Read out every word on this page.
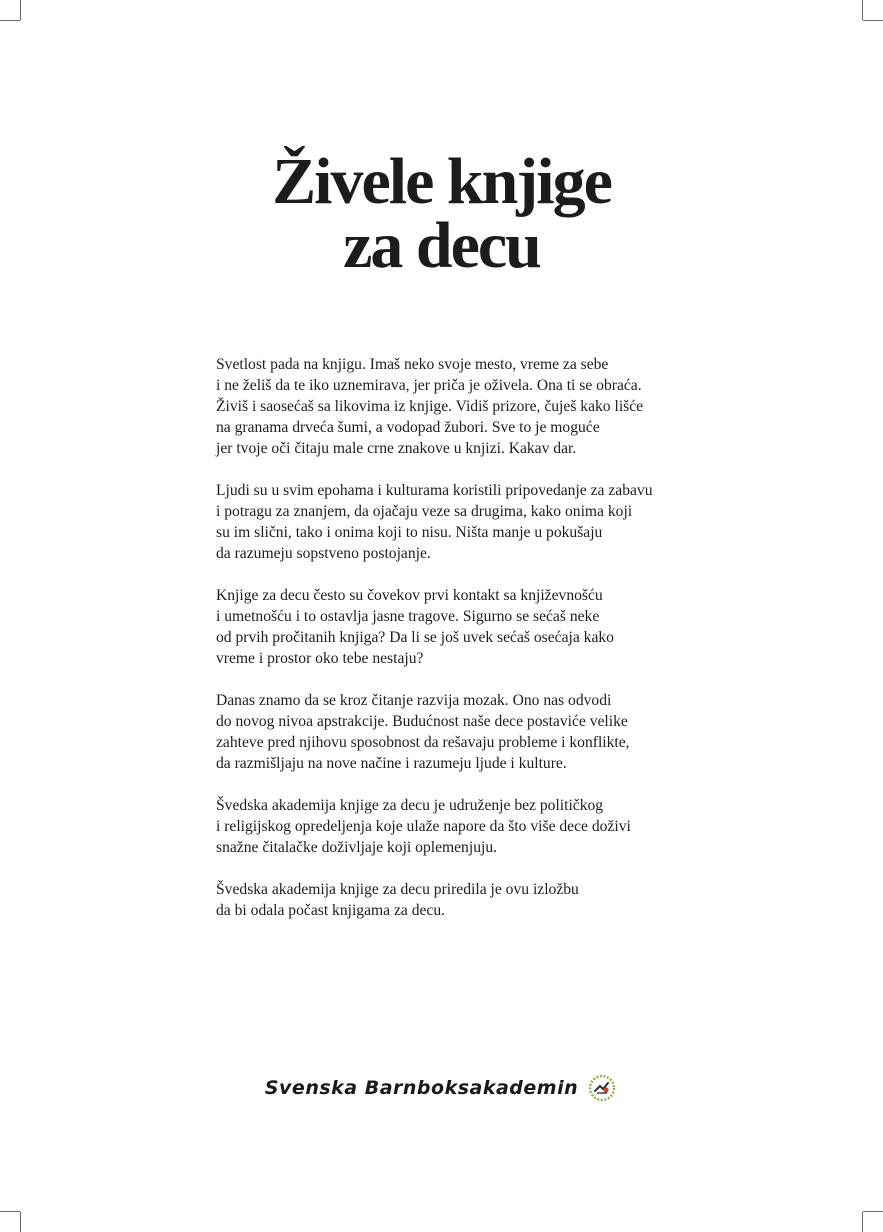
Živele knjige
za decu

Svetlost pada na knjigu. Imaš neko svoje mesto, vreme za sebe
i ne želiš da te iko uznemirava, jer priča je oživela. Ona ti se obraća.
Živiš i saosećaš sa likovima iz knjige. Vidiš prizore, čuješ kako lišće
na granama drveća šumi, a vodopad žubori. Sve to je moguće
jer tvoje oči čitaju male crne znakove u knjizi. Kakav dar.

Ljudi su u svim epohama i kulturama koristili pripovedanje za zabavu
i potragu za znanjem, da ojačaju veze sa drugima, kako onima koji
su im slični, tako i onima koji to nisu. Ništa manje u pokušaju
da razumeju sopstveno postojanje.

Knjige za decu često su čovekov prvi kontakt sa književnošću
i umetnošću i to ostavlja jasne tragove. Sigurno se sećaš neke
od prvih pročitanih knjiga? Da li se još uvek sećaš osećaja kako
vreme i prostor oko tebe nestaju?

Danas znamo da se kroz čitanje razvija mozak. Ono nas odvodi
do novog nivoa apstrakcije. Budućnost naše dece postaviće velike
zahteve pred njihovu sposobnost da rešavaju probleme i konflikte,
da razmišljaju na nove načine i razumeju ljude i kulture.

Švedska akademija knjige za decu je udruženje bez političkog
i religijskog opredeljenja koje ulaže napore da što više dece doživi
snažne čitalačke doživljaje koji oplemenjuju.

Švedska akademija knjige za decu priredila je ovu izložbu
da bi odala počast knjigama za decu.

Svenska Barnboksakademin
